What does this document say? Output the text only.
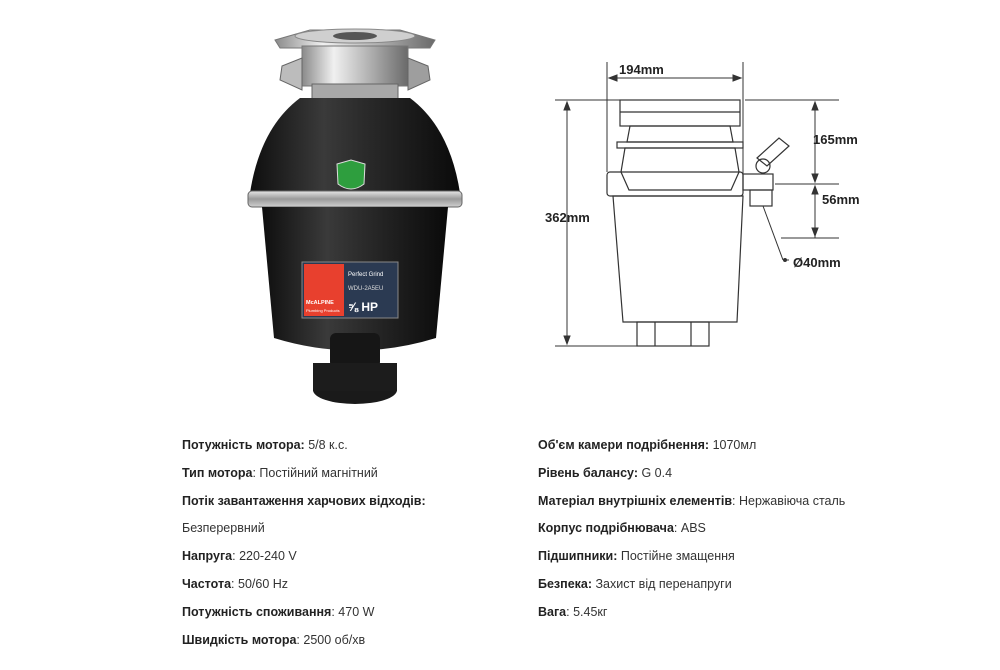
McALPINE
Plumbing Products
Perfect Grind
WDU-2A5EU
⅝ HP
194mm
362mm
165mm
56mm
Ø40mm
Потужність мотора: 5/8 к.с.
Тип мотора: Постійний магнітний
Потік завантаження харчових відходів:
Безперервний
Напруга: 220-240 V
Частота: 50/60 Hz
Потужність споживання: 470 W
Швидкість мотора: 2500 об/хв
Об'єм камери подрібнення: 1070мл
Рівень балансу: G 0.4
Матеріал внутрішніх елементів: Нержавіюча сталь
Корпус подрібнювача: ABS
Підшипники: Постійне змащення
Безпека: Захист від перенапруги
Вага: 5.45кг
